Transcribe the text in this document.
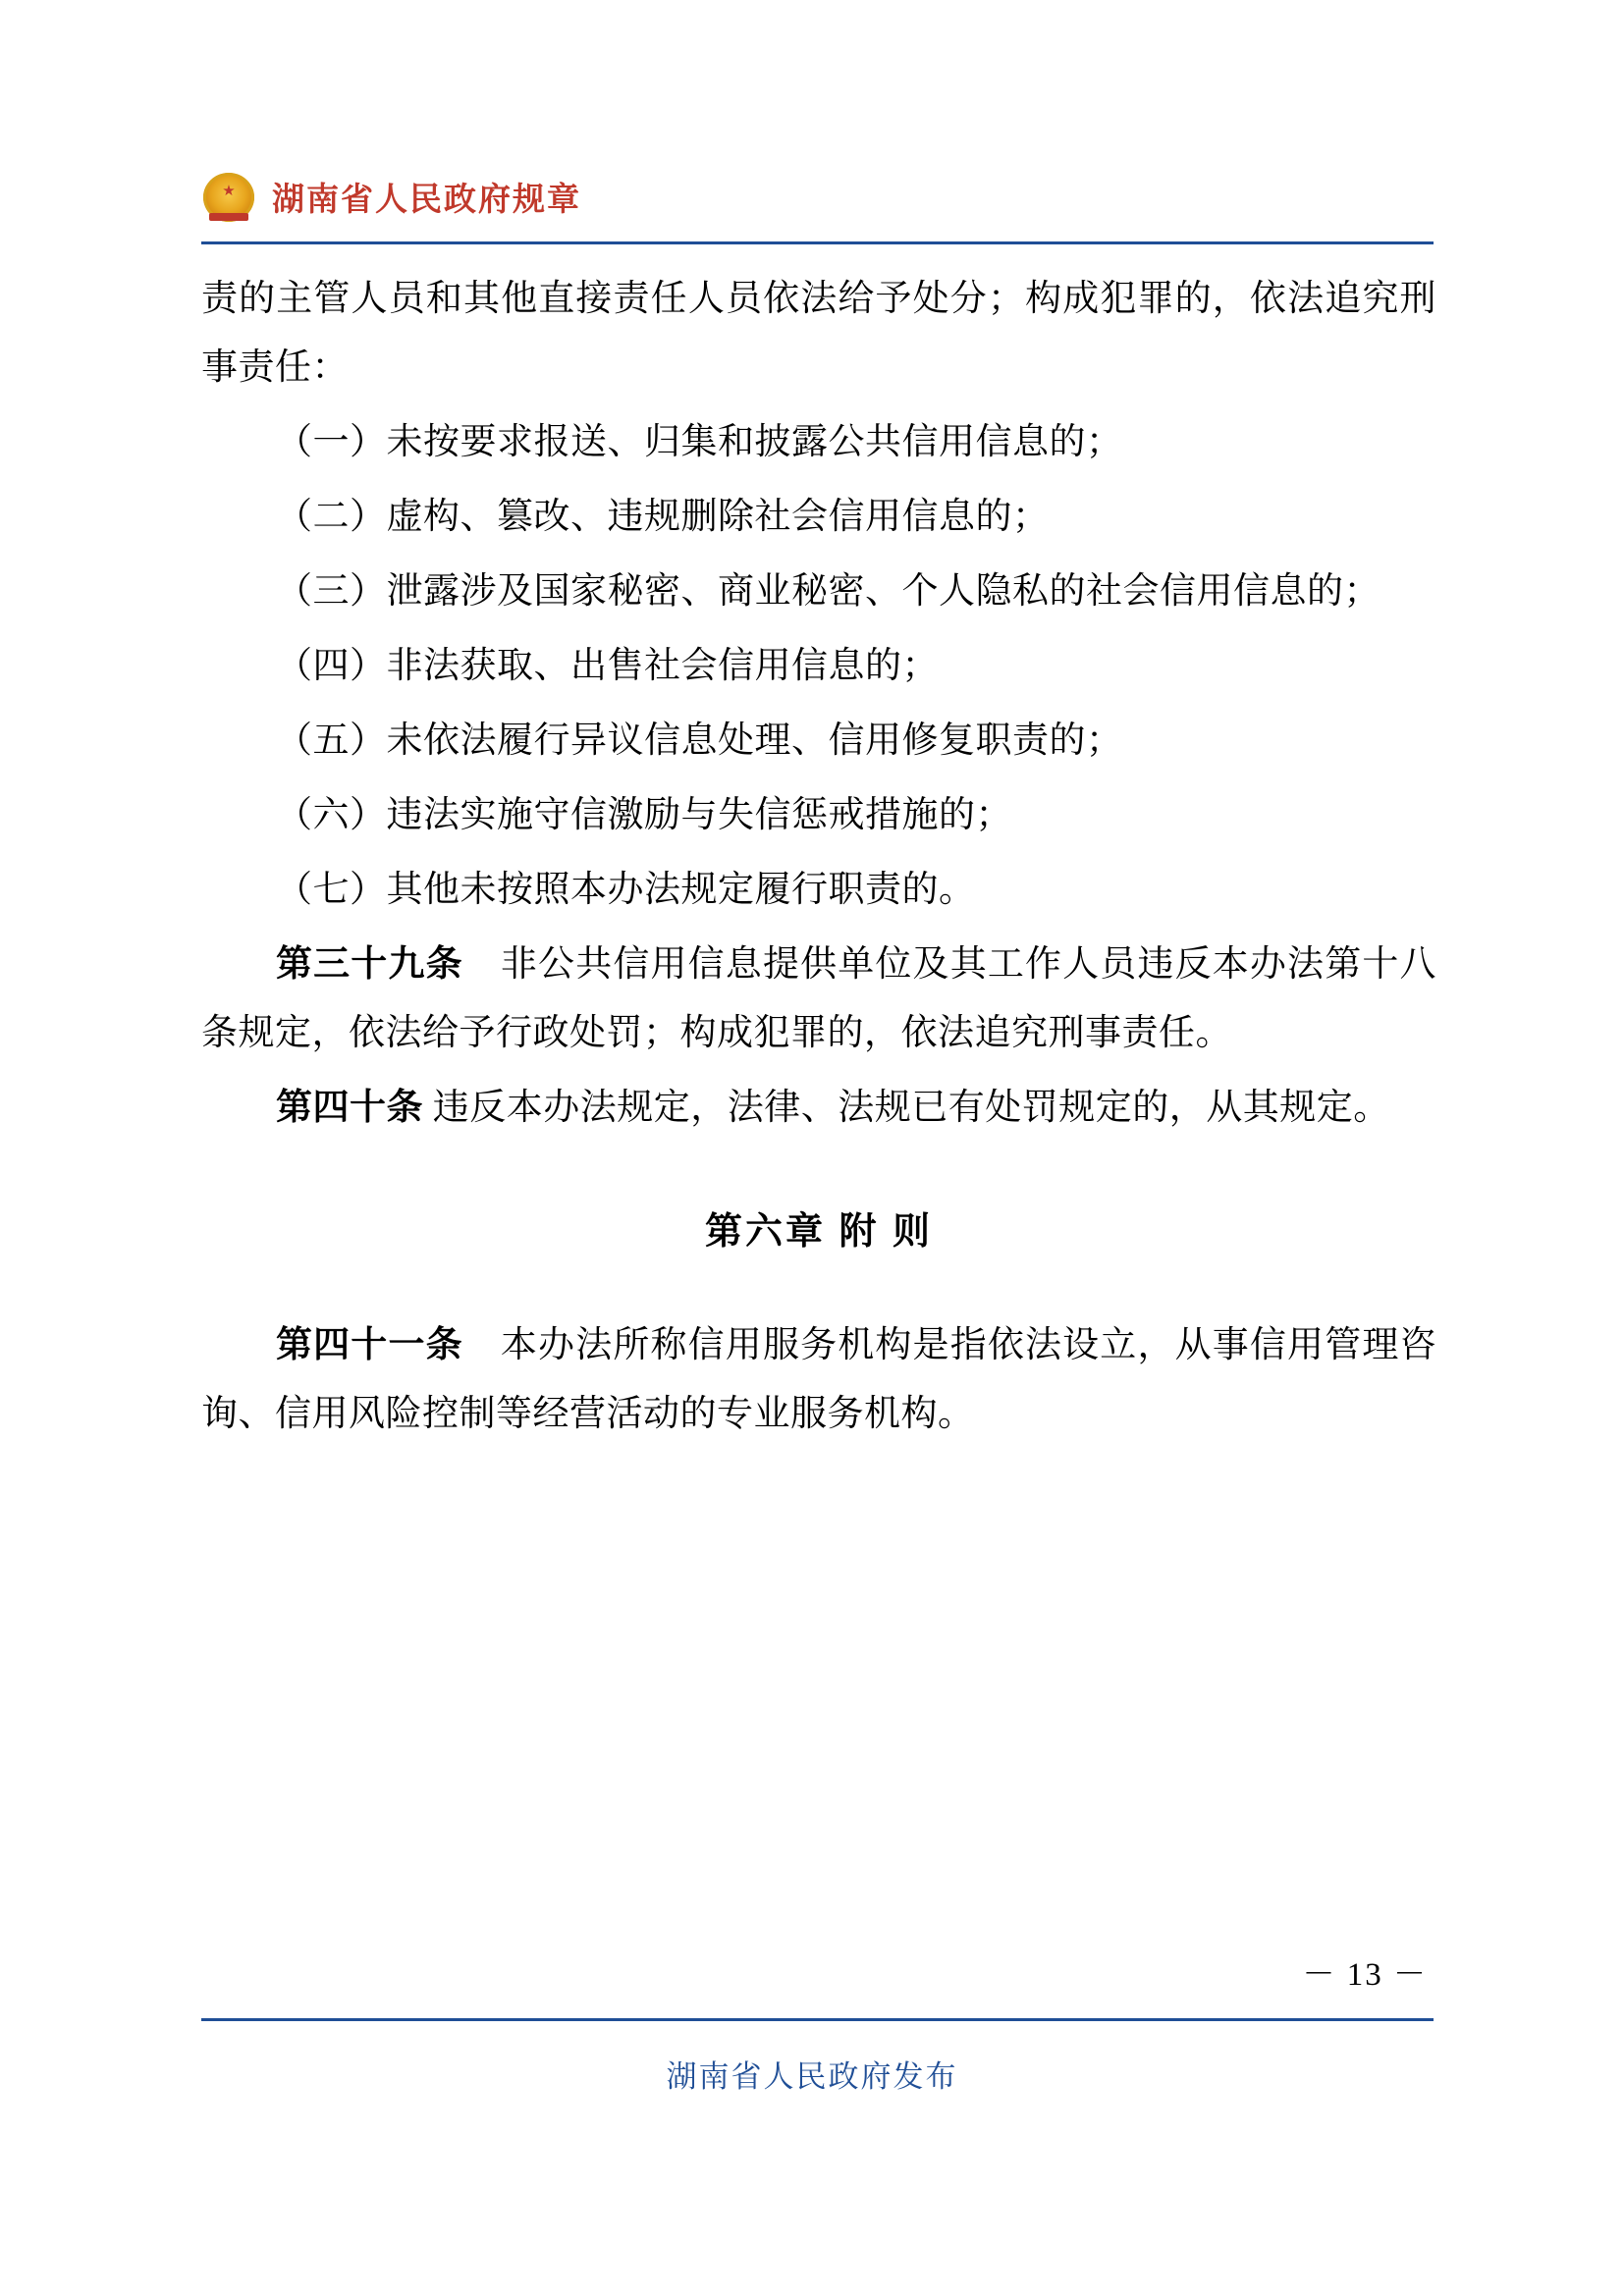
★ 湖南省人民政府规章

责的主管人员和其他直接责任人员依法给予处分；构成犯罪的，依法追究刑事责任：

（一）未按要求报送、归集和披露公共信用信息的；

（二）虚构、篡改、违规删除社会信用信息的；

（三）泄露涉及国家秘密、商业秘密、个人隐私的社会信用信息的；

（四）非法获取、出售社会信用信息的；

（五）未依法履行异议信息处理、信用修复职责的；

（六）违法实施守信激励与失信惩戒措施的；

（七）其他未按照本办法规定履行职责的。

第三十九条　非公共信用信息提供单位及其工作人员违反本办法第十八条规定，依法给予行政处罚；构成犯罪的，依法追究刑事责任。

第四十条 违反本办法规定，法律、法规已有处罚规定的，从其规定。

第六章 附 则

第四十一条　本办法所称信用服务机构是指依法设立，从事信用管理咨询、信用风险控制等经营活动的专业服务机构。

－ 13 －
湖南省人民政府发布
